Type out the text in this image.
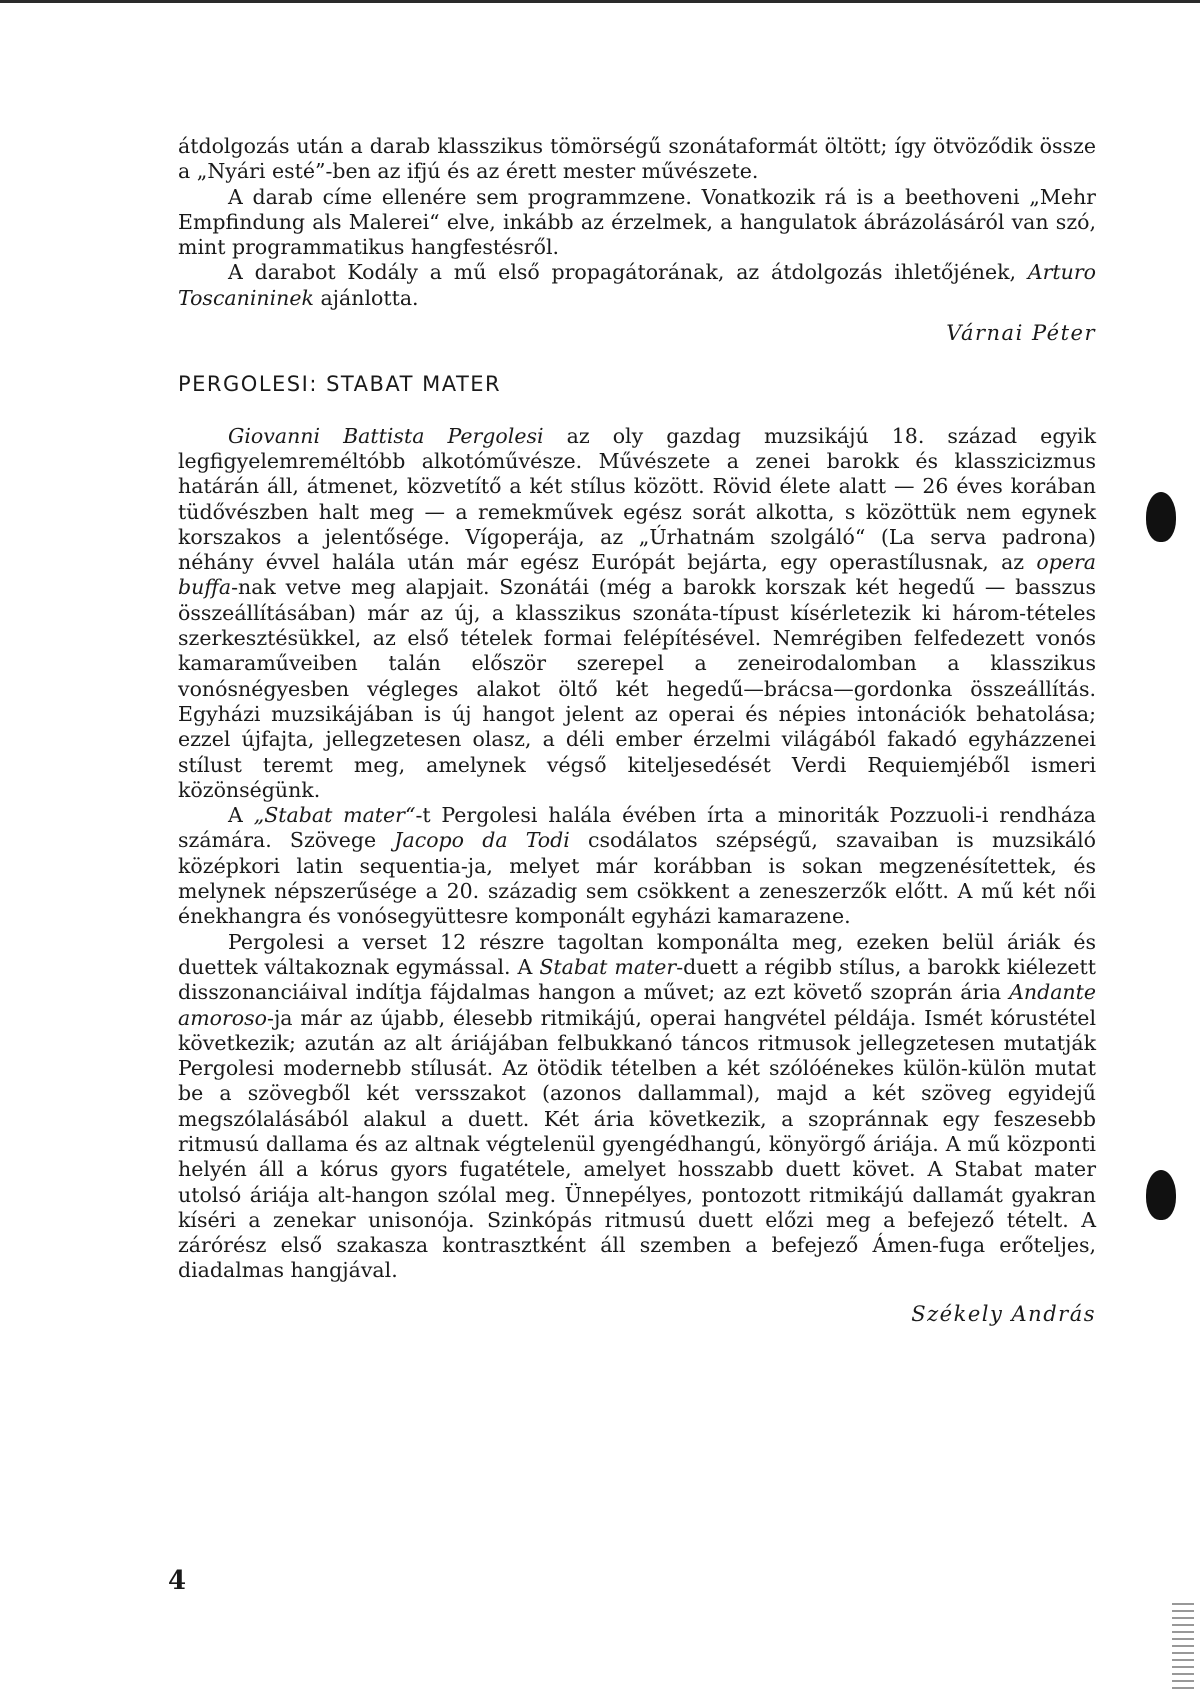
átdolgozás után a darab klasszikus tömörségű szonátaformát öltött; így ötvöződik össze a „Nyári esté”-ben az ifjú és az érett mester művészete.

A darab címe ellenére sem programmzene. Vonatkozik rá is a beethoveni „Mehr Empfindung als Malerei“ elve, inkább az érzelmek, a hangulatok ábrázolásáról van szó, mint programmatikus hangfestésről.

A darabot Kodály a mű első propagátorának, az átdolgozás ihletőjének, Arturo Toscanininek ajánlotta.

Várnai Péter
PERGOLESI: STABAT MATER

Giovanni Battista Pergolesi az oly gazdag muzsikájú 18. század egyik legfigyelemreméltóbb alkotóművésze. Művészete a zenei barokk és klasszicizmus határán áll, átmenet, közvetítő a két stílus között. Rövid élete alatt — 26 éves korában tüdővészben halt meg — a remekművek egész sorát alkotta, s közöttük nem egynek korszakos a jelentősége. Vígoperája, az „Úrhatnám szolgáló“ (La serva padrona) néhány évvel halála után már egész Európát bejárta, egy operastílusnak, az opera buffa-nak vetve meg alapjait. Szonátái (még a barokk korszak két hegedű — basszus összeállításában) már az új, a klasszikus szonáta-típust kísérletezik ki három-tételes szerkesztésükkel, az első tételek formai felépítésével. Nemrégiben felfedezett vonós kamaraműveiben talán először szerepel a zeneirodalomban a klasszikus vonósnégyesben végleges alakot öltő két hegedű—brácsa—gordonka összeállítás. Egyházi muzsikájában is új hangot jelent az operai és népies intonációk behatolása; ezzel újfajta, jellegzetesen olasz, a déli ember érzelmi világából fakadó egyházzenei stílust teremt meg, amelynek végső kiteljesedését Verdi Requiemjéből ismeri közönségünk.

A „Stabat mater“-t Pergolesi halála évében írta a minoriták Pozzuoli-i rendháza számára. Szövege Jacopo da Todi csodálatos szépségű, szavaiban is muzsikáló középkori latin sequentia-ja, melyet már korábban is sokan megzenésítettek, és melynek népszerűsége a 20. századig sem csökkent a zeneszerzők előtt. A mű két női énekhangra és vonósegyüttesre komponált egyházi kamarazene.

Pergolesi a verset 12 részre tagoltan komponálta meg, ezeken belül áriák és duettek váltakoznak egymással. A Stabat mater-duett a régibb stílus, a barokk kiélezett disszonanciáival indítja fájdalmas hangon a művet; az ezt követő szoprán ária Andante amoroso-ja már az újabb, élesebb ritmikájú, operai hangvétel példája. Ismét kórustétel következik; azután az alt áriájában felbukkanó táncos ritmusok jellegzetesen mutatják Pergolesi modernebb stílusát. Az ötödik tételben a két szólóénekes külön-külön mutat be a szövegből két versszakot (azonos dallammal), majd a két szöveg egyidejű megszólalásából alakul a duett. Két ária következik, a szopránnak egy feszesebb ritmusú dallama és az altnak végtelenül gyengédhangú, könyörgő áriája. A mű központi helyén áll a kórus gyors fugatétele, amelyet hosszabb duett követ. A Stabat mater utolsó áriája alt-hangon szólal meg. Ünnepélyes, pontozott ritmikájú dallamát gyakran kíséri a zenekar unisonója. Szinkópás ritmusú duett előzi meg a befejező tételt. A zárórész első szakasza kontrasztként áll szemben a befejező Ámen-fuga erőteljes, diadalmas hangjával.

Székely András
4
